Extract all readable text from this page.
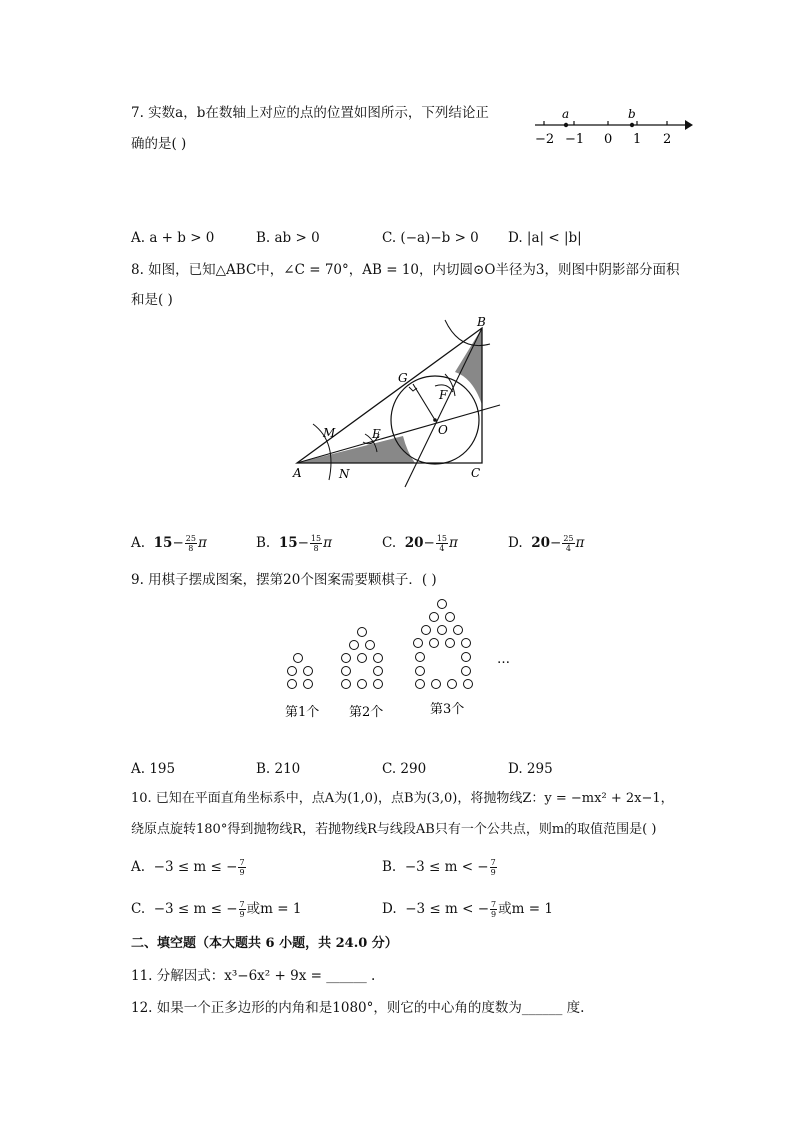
7. 实数a，b在数轴上对应的点的位置如图所示，下列结论正
确的是( )
a	b
−2 −1 0 1 2
A. a + b > 0	B. ab > 0	C. (−a)−b > 0 D. |a| < |b|
8. 如图，已知△ABC中，∠C = 70°，AB = 10，内切圆⊙O半径为3，则图中阴影部分面积
和是( )
A
B
C
O
G
F
E
M
N
A. $15- \frac{25}{8}$ π	B. $15- \frac{15}{8}$ π	C. $20- \frac{15}{4}$ π	D. $20- \frac{25}{4}$ π
9. 用棋子摆成图案，摆第20个图案需要颗棋子．( )
…
第1个 第2个	第3个
A. 195	B. 210	C. 290	D. 295
10. 已知在平面直角坐标系中，点A为(1,0)，点B为(3,0)，将抛物线Z：y = −mx² + 2x−1，
绕原点旋转180°得到抛物线R，若抛物线R与线段AB只有一个公共点，则m的取值范围是( )
A. −3 ≤ m ≤ − $\frac{7}{9}$	B. −3 ≤ m < − $\frac{7}{9}$
C. −3 ≤ m ≤ − $\frac{7}{9}$ 或m = 1	D. −3 ≤ m < − $\frac{7}{9}$ 或m = 1
二、填空题（本大题共 6 小题，共 24.0 分）
11. 分解因式：x³−6x² + 9x = ______ .
12. 如果一个正多边形的内角和是1080°，则它的中心角的度数为______ 度.
